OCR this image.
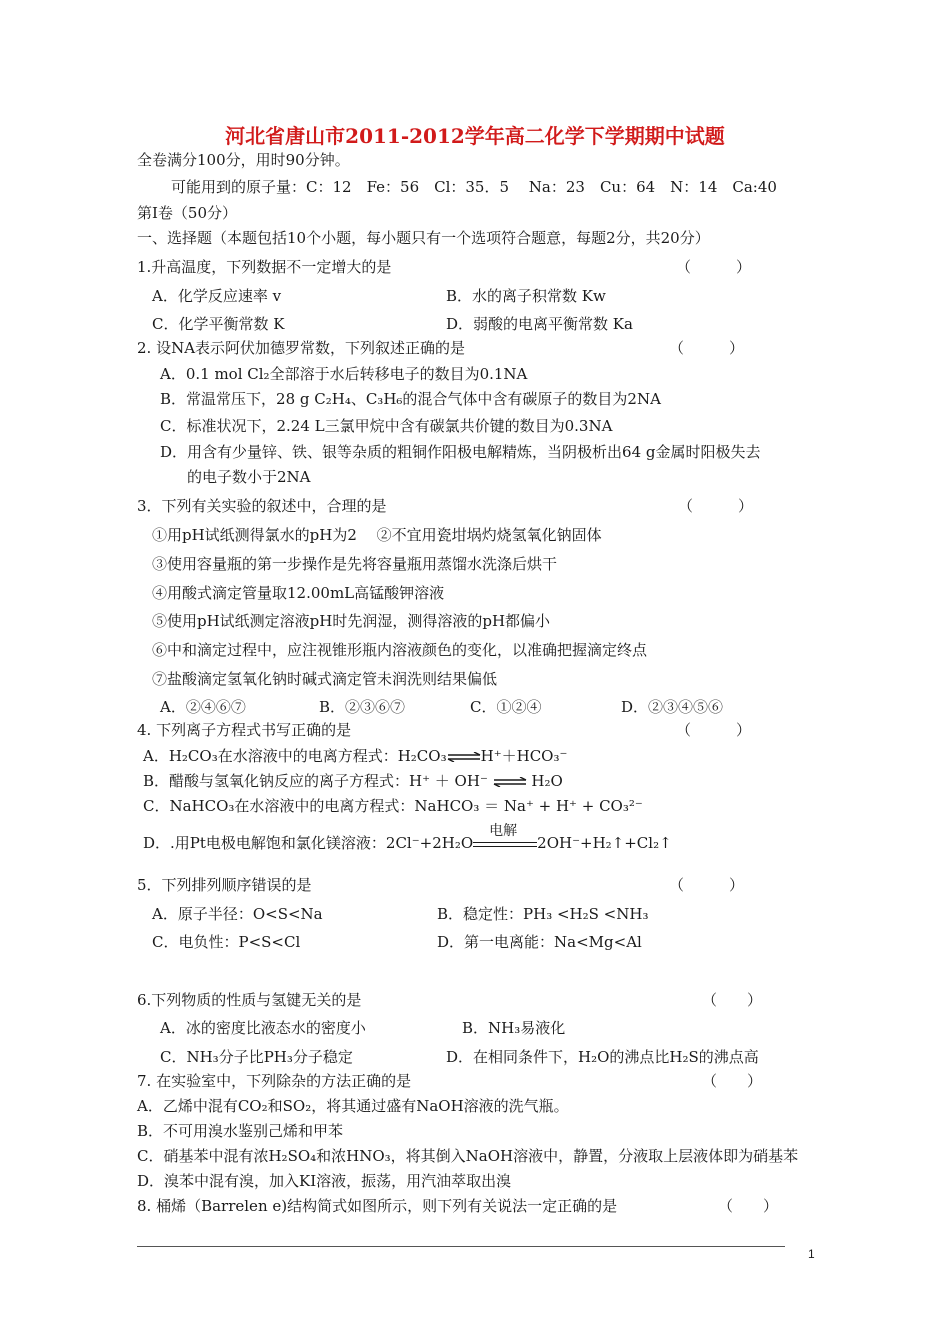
河北省唐山市2011-2012学年高二化学下学期期中试题
全卷满分100分，用时90分钟。
可能用到的原子量：C：12　Fe：56　Cl：35．5　 Na：23　Cu：64　N：14　Ca:40
第Ⅰ卷（50分）
一、选择题（本题包括10个小题，每小题只有一个选项符合题意，每题2分，共20分）
1.升高温度，下列数据不一定增大的是	（　　　）
A．化学反应速率 v	B．水的离子积常数 Kw
C．化学平衡常数 K	D．弱酸的电离平衡常数 Ka
2. 设NA表示阿伏加德罗常数，下列叙述正确的是	（　　　）
A．0.1 mol Cl₂全部溶于水后转移电子的数目为0.1NA
B．常温常压下，28 g C₂H₄、C₃H₆的混合气体中含有碳原子的数目为2NA
C．标准状况下，2.24 L三氯甲烷中含有碳氯共价键的数目为0.3NA
D．用含有少量锌、铁、银等杂质的粗铜作阳极电解精炼，当阴极析出64 g金属时阳极失去
的电子数小于2NA
3．下列有关实验的叙述中，合理的是	（　　　）
①用pH试纸测得氯水的pH为2　 ②不宜用瓷坩埚灼烧氢氧化钠固体
③使用容量瓶的第一步操作是先将容量瓶用蒸馏水洗涤后烘干
④用酸式滴定管量取12.00mL高锰酸钾溶液
⑤使用pH试纸测定溶液pH时先润湿，测得溶液的pH都偏小
⑥中和滴定过程中，应注视锥形瓶内溶液颜色的变化，以准确把握滴定终点
⑦盐酸滴定氢氧化钠时碱式滴定管未润洗则结果偏低
A．②④⑥⑦	B．②③⑥⑦	C．①②④	D．②③④⑤⑥
4. 下列离子方程式书写正确的是	（　　　）
A．H₂CO₃在水溶液中的电离方程式：H₂CO₃⇌H⁺＋HCO₃⁻
B．醋酸与氢氧化钠反应的离子方程式：H⁺ ＋ OH⁻ ⇌ H₂O
C．NaHCO₃在水溶液中的电离方程式：NaHCO₃ ＝ Na⁺ + H⁺ + CO₃²⁻
D．.用Pt电极电解饱和氯化镁溶液：2Cl⁻+2H₂O
电解
2OH⁻+H₂↑+Cl₂↑
5．下列排列顺序错误的是	（　　　）
A．原子半径：O<S<Na	B．稳定性：PH₃ <H₂S <NH₃
C．电负性：P<S<Cl	D．第一电离能：Na<Mg<Al
6.下列物质的性质与氢键无关的是	（　　）
A．冰的密度比液态水的密度小	B．NH₃易液化
C．NH₃分子比PH₃分子稳定	D．在相同条件下，H₂O的沸点比H₂S的沸点高
7. 在实验室中，下列除杂的方法正确的是	（　　）
A．乙烯中混有CO₂和SO₂，将其通过盛有NaOH溶液的洗气瓶。
B．不可用溴水鉴别己烯和甲苯
C．硝基苯中混有浓H₂SO₄和浓HNO₃，将其倒入NaOH溶液中，静置，分液取上层液体即为硝基苯
D．溴苯中混有溴，加入KI溶液，振荡，用汽油萃取出溴
8. 桶烯（Barrelen e)结构简式如图所示，则下列有关说法一定正确的是	（　　）
1
